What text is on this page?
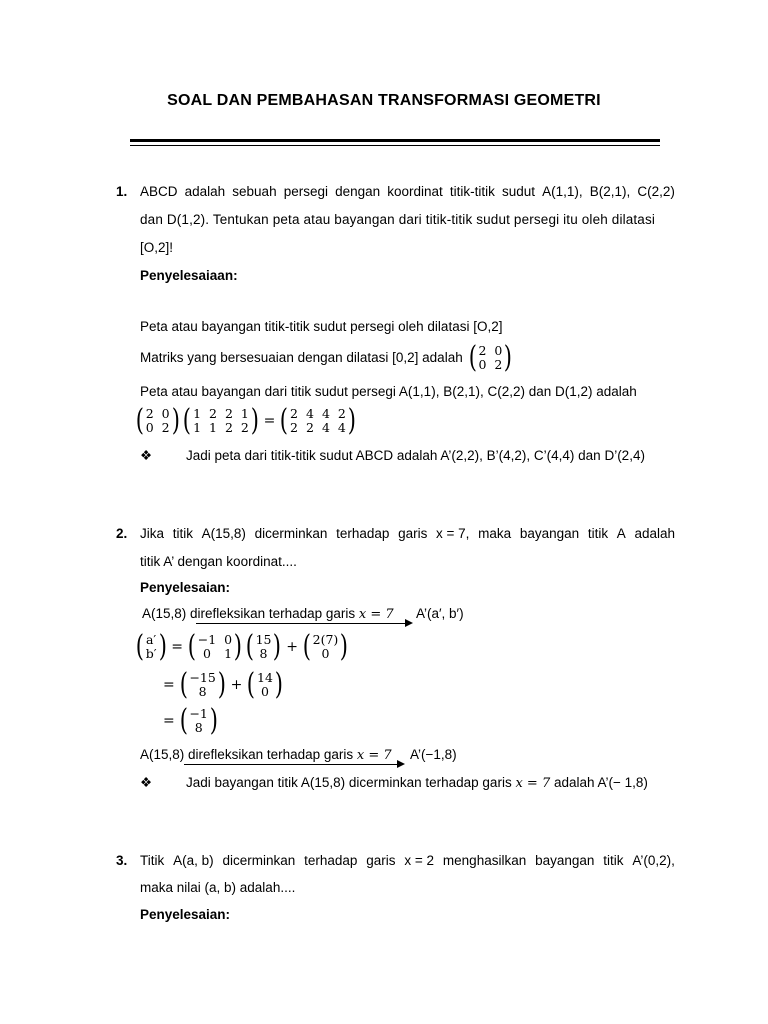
SOAL DAN PEMBAHASAN TRANSFORMASI GEOMETRI
1. ABCD adalah sebuah persegi dengan koordinat titik-titik sudut A(1,1), B(2,1), C(2,2)
dan D(1,2). Tentukan peta atau bayangan dari titik-titik sudut persegi itu oleh dilatasi
[O,2]!
Penyelesaiaan:
Peta atau bayangan titik-titik sudut persegi oleh dilatasi [O,2]
Matriks yang bersesuaian dengan dilatasi [0,2] adalah ( 2 0
0 2 )
Peta atau bayangan dari titik sudut persegi A(1,1), B(2,1), C(2,2) dan D(1,2) adalah
( 2 0
0 2 ) ( 1 2 2 1
1 1 2 2 ) = ( 2 4 4 2
2 2 4 4 )
❖	Jadi peta dari titik-titik sudut ABCD adalah A’(2,2), B’(4,2), C’(4,4) dan D’(2,4)
2. Jika titik A(15,8) dicerminkan terhadap garis x = 7, maka bayangan titik A adalah
titik A’ dengan koordinat....
Penyelesaian:
A(15,8) direfleksikan terhadap garis x = 7 A’(a′, b′)
( a′
b′ ) = ( −1 0
0	1 ) ( 15
8 ) + ( 2(7)
0 )
= ( −15
8 ) + ( 14
0 )
= ( −1
8 )
A(15,8) direfleksikan terhadap garis x = 7 A’(−1,8)
❖	Jadi bayangan titik A(15,8) dicerminkan terhadap garis x = 7 adalah A’(− 1,8)
3. Titik A(a, b) dicerminkan terhadap garis x = 2 menghasilkan bayangan titik A’(0,2),
maka nilai (a, b) adalah....
Penyelesaian:
